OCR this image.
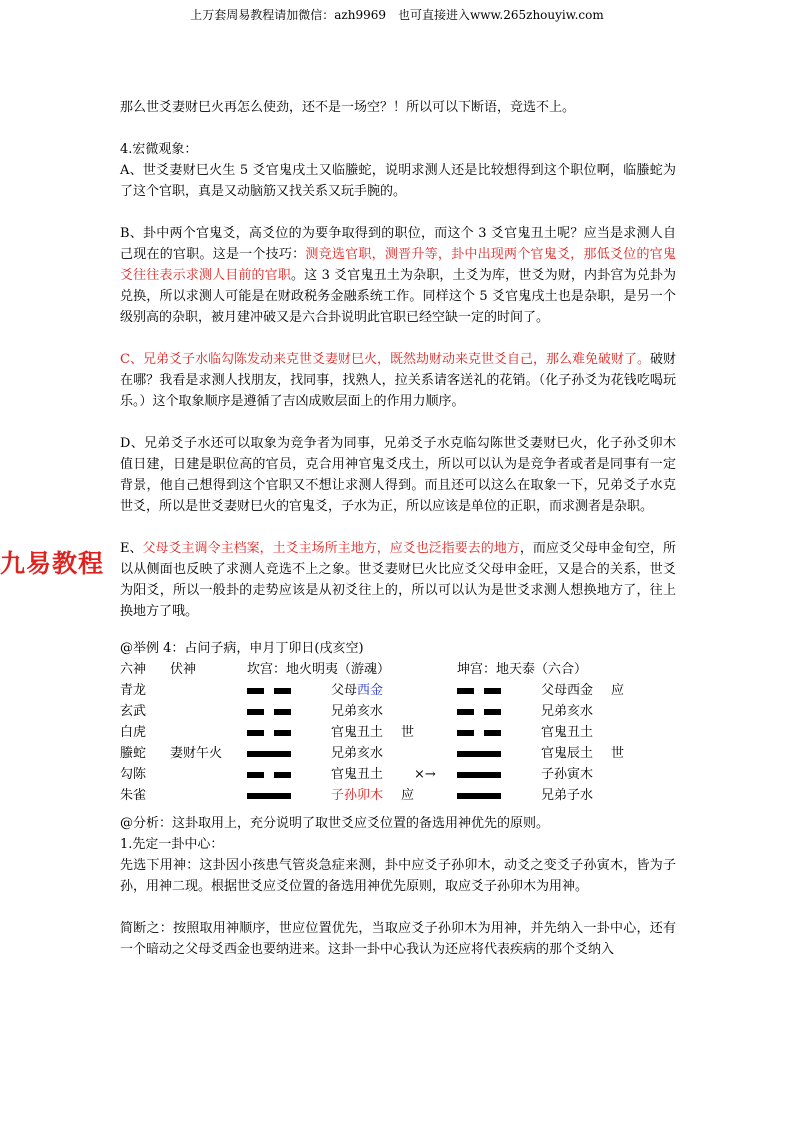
上万套周易教程请加微信：azh9969　也可直接进入www.265zhouyiw.com
九易教程

那么世爻妻财巳火再怎么使劲，还不是一场空？！所以可以下断语，竞选不上。

4.宏微观象：

A、世爻妻财巳火生 5 爻官鬼戌土又临螣蛇，说明求测人还是比较想得到这个职位啊，临螣蛇为了这个官职，真是又动脑筋又找关系又玩手腕的。

B、卦中两个官鬼爻，高爻位的为要争取得到的职位，而这个 3 爻官鬼丑土呢？应当是求测人自己现在的官职。这是一个技巧：测竞选官职，测晋升等，卦中出现两个官鬼爻，那低爻位的官鬼爻往往表示求测人目前的官职。这 3 爻官鬼丑土为杂职，土爻为库，世爻为财，内卦宫为兑卦为兑换，所以求测人可能是在财政税务金融系统工作。同样这个 5 爻官鬼戌土也是杂职，是另一个级别高的杂职，被月建冲破又是六合卦说明此官职已经空缺一定的时间了。

C、兄弟爻子水临勾陈发动来克世爻妻财巳火，既然劫财动来克世爻自己，那么难免破财了。破财在哪？我看是求测人找朋友，找同事，找熟人，拉关系请客送礼的花销。（化子孙爻为花钱吃喝玩乐。）这个取象顺序是遵循了吉凶成败层面上的作用力顺序。

D、兄弟爻子水还可以取象为竞争者为同事，兄弟爻子水克临勾陈世爻妻财巳火，化子孙爻卯木值日建，日建是职位高的官员，克合用神官鬼爻戌土，所以可以认为是竞争者或者是同事有一定背景，他自己想得到这个官职又不想让求测人得到。而且还可以这么在取象一下，兄弟爻子水克世爻，所以是世爻妻财巳火的官鬼爻，子水为正，所以应该是单位的正职，而求测者是杂职。

E、父母爻主调令主档案，土爻主场所主地方，应爻也泛指要去的地方，而应爻父母申金旬空，所以从侧面也反映了求测人竞选不上之象。世爻妻财巳火比应爻父母申金旺，又是合的关系，世爻为阳爻，所以一般卦的走势应该是从初爻往上的，所以可以认为是世爻求测人想换地方了，往上换地方了哦。

@举例 4：占问子病，申月丁卯日(戌亥空)

六神 伏神	坎宫：地火明夷（游魂）	坤宫：地天泰（六合）
青龙	父母 西金	父母西金 应
玄武	兄弟亥水	兄弟亥水
白虎	官鬼丑土 世	官鬼丑土
螣蛇 妻财午火	兄弟亥水	官鬼辰土 世
勾陈	官鬼丑土 ×→	子孙寅木
朱雀	子孙卯木 应	兄弟子水

@分析：这卦取用上，充分说明了取世爻应爻位置的备选用神优先的原则。

1.先定一卦中心：

先选下用神：这卦因小孩患气管炎急症来测，卦中应爻子孙卯木，动爻之变爻子孙寅木，皆为子孙，用神二现。根据世爻应爻位置的备选用神优先原则，取应爻子孙卯木为用神。

简断之：按照取用神顺序，世应位置优先，当取应爻子孙卯木为用神，并先纳入一卦中心，还有一个暗动之父母爻西金也要纳进来。这卦一卦中心我认为还应将代表疾病的那个爻纳入
